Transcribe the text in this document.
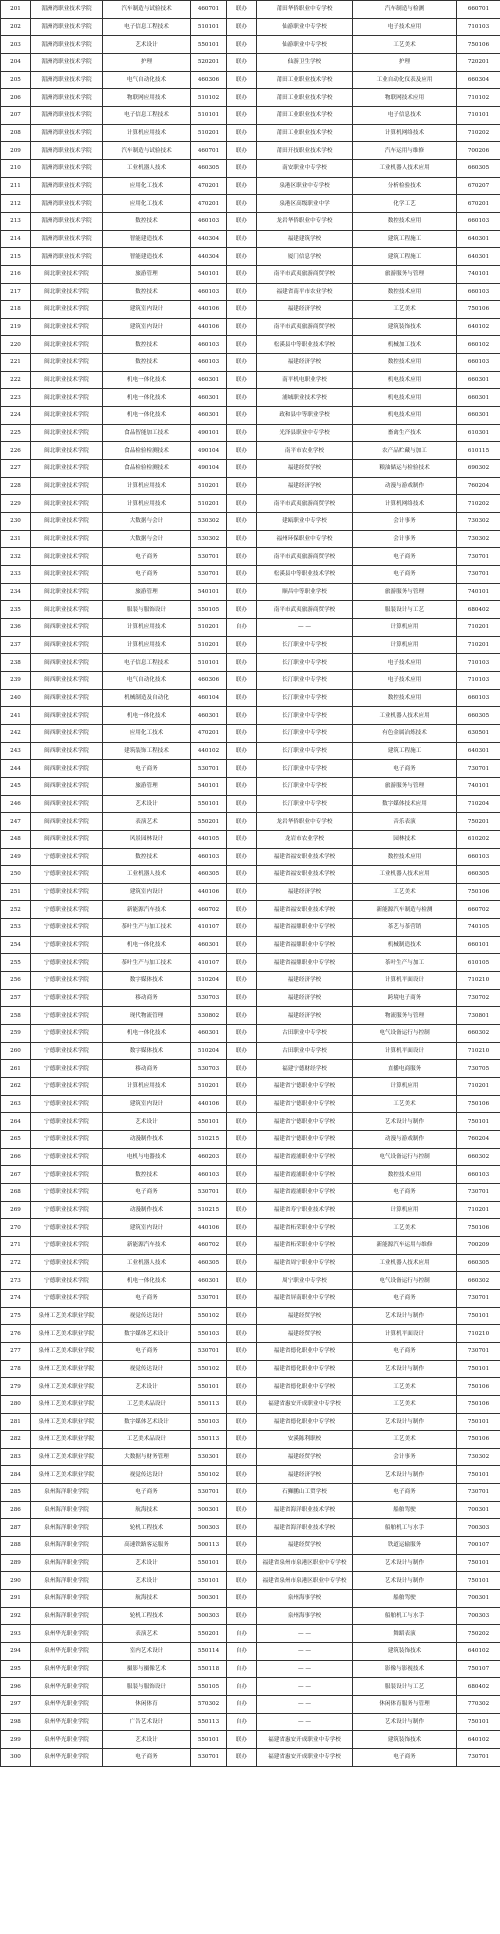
201	湄洲湾职业技术学院	汽车制造与试验技术	460701	联办	莆田华侨职业中专学校	汽车制造与检测	660701
202	湄洲湾职业技术学院	电子信息工程技术	510101	联办	仙游职业中专学校	电子技术应用	710103
203	湄洲湾职业技术学院	艺术设计	550101	联办	仙游职业中专学校	工艺美术	750106
204	湄洲湾职业技术学院	护理	520201	联办	仙游卫生学校	护理	720201
205	湄洲湾职业技术学院	电气自动化技术	460306	联办	莆田工业职业技术学校	工业自动化仪表及应用	660304
206	湄洲湾职业技术学院	物联网应用技术	510102	联办	莆田工业职业技术学校	物联网技术应用	710102
207	湄洲湾职业技术学院	电子信息工程技术	510101	联办	莆田工业职业技术学校	电子信息技术	710101
208	湄洲湾职业技术学院	计算机应用技术	510201	联办	莆田工业职业技术学校	计算机网络技术	710202
209	湄洲湾职业技术学院	汽车制造与试验技术	460701	联办	莆田开技职业技术学校	汽车运用与维修	700206
210	湄洲湾职业技术学院	工业机器人技术	460305	联办	南安职业中专学校	工业机器人技术应用	660305
211	湄洲湾职业技术学院	应用化工技术	470201	联办	泉港区职业中专学校	分析检验技术	670207
212	湄洲湾职业技术学院	应用化工技术	470201	联办	泉港区高级职业中学	化学工艺	670201
213	湄洲湾职业技术学院	数控技术	460103	联办	龙岩华侨职业中专学校	数控技术应用	660103
214	湄洲湾职业技术学院	智能建造技术	440304	联办	福建建筑学校	建筑工程施工	640301
215	湄洲湾职业技术学院	智能建造技术	440304	联办	厦门信息学校	建筑工程施工	640301
216	闽北职业技术学院	旅游管理	540101	联办	南平市武夷旅游商贸学校	旅游服务与管理	740101
217	闽北职业技术学院	数控技术	460103	联办	福建省南平市农业学校	数控技术应用	660103
218	闽北职业技术学院	建筑室内设计	440106	联办	福建经济学校	工艺美术	750106
219	闽北职业技术学院	建筑室内设计	440106	联办	南平市武夷旅游商贸学校	建筑装饰技术	640102
220	闽北职业技术学院	数控技术	460103	联办	松溪县中等职业技术学校	机械加工技术	660102
221	闽北职业技术学院	数控技术	460103	联办	福建经济学校	数控技术应用	660103
222	闽北职业技术学院	机电一体化技术	460301	联办	南平机电职业学校	机电技术应用	660301
223	闽北职业技术学院	机电一体化技术	460301	联办	浦城职业技术学校	机电技术应用	660301
224	闽北职业技术学院	机电一体化技术	460301	联办	政和县中等职业学校	机电技术应用	660301
225	闽北职业技术学院	食品智能加工技术	490101	联办	光泽县职业中专学校	畜禽生产技术	610301
226	闽北职业技术学院	食品检验检测技术	490104	联办	南平市农业学校	农产品贮藏与加工	610115
227	闽北职业技术学院	食品检验检测技术	490104	联办	福建经贸学校	粮油储运与检验技术	690302
228	闽北职业技术学院	计算机应用技术	510201	联办	福建经济学校	动漫与游戏制作	760204
229	闽北职业技术学院	计算机应用技术	510201	联办	南平市武夷旅游商贸学校	计算机网络技术	710202
230	闽北职业技术学院	大数据与会计	530302	联办	建瓯职业中专学校	会计事务	730302
231	闽北职业技术学院	大数据与会计	530302	联办	福州环保职业中专学校	会计事务	730302
232	闽北职业技术学院	电子商务	530701	联办	南平市武夷旅游商贸学校	电子商务	730701
233	闽北职业技术学院	电子商务	530701	联办	松溪县中等职业技术学校	电子商务	730701
234	闽北职业技术学院	旅游管理	540101	联办	顺昌中等职业学校	旅游服务与管理	740101
235	闽北职业技术学院	服装与服饰设计	550105	联办	南平市武夷旅游商贸学校	服装设计与工艺	680402
236	闽西职业技术学院	计算机应用技术	510201	自办	— —	计算机应用	710201
237	闽西职业技术学院	计算机应用技术	510201	联办	长汀职业中专学校	计算机应用	710201
238	闽西职业技术学院	电子信息工程技术	510101	联办	长汀职业中专学校	电子技术应用	710103
239	闽西职业技术学院	电气自动化技术	460306	联办	长汀职业中专学校	电子技术应用	710103
240	闽西职业技术学院	机械制造及自动化	460104	联办	长汀职业中专学校	数控技术应用	660103
241	闽西职业技术学院	机电一体化技术	460301	联办	长汀职业中专学校	工业机器人技术应用	660305
242	闽西职业技术学院	应用化工技术	470201	联办	长汀职业中专学校	有色金属冶炼技术	630501
243	闽西职业技术学院	建筑装饰工程技术	440102	联办	长汀职业中专学校	建筑工程施工	640301
244	闽西职业技术学院	电子商务	530701	联办	长汀职业中专学校	电子商务	730701
245	闽西职业技术学院	旅游管理	540101	联办	长汀职业中专学校	旅游服务与管理	740101
246	闽西职业技术学院	艺术设计	550101	联办	长汀职业中专学校	数字媒体技术应用	710204
247	闽西职业技术学院	表演艺术	550201	联办	龙岩华侨职业中专学校	音乐表演	750201
248	闽西职业技术学院	风景园林设计	440105	联办	龙岩市农业学校	园林技术	610202
249	宁德职业技术学院	数控技术	460103	联办	福建省福安职业技术学校	数控技术应用	660103
250	宁德职业技术学院	工业机器人技术	460305	联办	福建省福安职业技术学校	工业机器人技术应用	660305
251	宁德职业技术学院	建筑室内设计	440106	联办	福建经济学校	工艺美术	750106
252	宁德职业技术学院	新能源汽车技术	460702	联办	福建省福安职业技术学校	新能源汽车制造与检测	660702
253	宁德职业技术学院	茶叶生产与加工技术	410107	联办	福建省福鼎职业中专学校	茶艺与茶营销	740105
254	宁德职业技术学院	机电一体化技术	460301	联办	福建省福鼎职业中专学校	机械制造技术	660101
255	宁德职业技术学院	茶叶生产与加工技术	410107	联办	福建省福鼎职业中专学校	茶叶生产与加工	610105
256	宁德职业技术学院	数字媒体技术	510204	联办	福建经济学校	计算机平面设计	710210
257	宁德职业技术学院	移动商务	530703	联办	福建经济学校	跨境电子商务	730702
258	宁德职业技术学院	现代物流管理	530802	联办	福建经济学校	物流服务与管理	730801
259	宁德职业技术学院	机电一体化技术	460301	联办	古田职业中专学校	电气设备运行与控制	660302
260	宁德职业技术学院	数字媒体技术	510204	联办	古田职业中专学校	计算机平面设计	710210
261	宁德职业技术学院	移动商务	530703	联办	福建宁德财经学校	直播电商服务	730705
262	宁德职业技术学院	计算机应用技术	510201	联办	福建省宁德职业中专学校	计算机应用	710201
263	宁德职业技术学院	建筑室内设计	440106	联办	福建省宁德职业中专学校	工艺美术	750106
264	宁德职业技术学院	艺术设计	550101	联办	福建省宁德职业中专学校	艺术设计与制作	750101
265	宁德职业技术学院	动漫制作技术	510215	联办	福建省宁德职业中专学校	动漫与游戏制作	760204
266	宁德职业技术学院	电机与电器技术	460203	联办	福建省霞浦职业中专学校	电气设备运行与控制	660302
267	宁德职业技术学院	数控技术	460103	联办	福建省霞浦职业中专学校	数控技术应用	660103
268	宁德职业技术学院	电子商务	530701	联办	福建省霞浦职业中专学校	电子商务	730701
269	宁德职业技术学院	动漫制作技术	510215	联办	福建省寿宁职业技术学校	计算机应用	710201
270	宁德职业技术学院	建筑室内设计	440106	联办	福建省柘荣职业中专学校	工艺美术	750106
271	宁德职业技术学院	新能源汽车技术	460702	联办	福建省柘荣职业中专学校	新能源汽车运用与维修	700209
272	宁德职业技术学院	工业机器人技术	460305	联办	福建省周宁职业中专学校	工业机器人技术应用	660305
273	宁德职业技术学院	机电一体化技术	460301	联办	周宁职业中专学校	电气设备运行与控制	660302
274	宁德职业技术学院	电子商务	530701	联办	福建省屏南职业中专学校	电子商务	730701
275	泉州工艺美术职业学院	视觉传达设计	550102	联办	福建经贸学校	艺术设计与制作	750101
276	泉州工艺美术职业学院	数字媒体艺术设计	550103	联办	福建经贸学校	计算机平面设计	710210
277	泉州工艺美术职业学院	电子商务	530701	联办	福建省德化职业中专学校	电子商务	730701
278	泉州工艺美术职业学院	视觉传达设计	550102	联办	福建省德化职业中专学校	艺术设计与制作	750101
279	泉州工艺美术职业学院	艺术设计	550101	联办	福建省德化职业中专学校	工艺美术	750106
280	泉州工艺美术职业学院	工艺美术品设计	550113	联办	福建省惠安开成职业中专学校	工艺美术	750106
281	泉州工艺美术职业学院	数字媒体艺术设计	550103	联办	福建省德化职业中专学校	艺术设计与制作	750101
282	泉州工艺美术职业学院	工艺美术品设计	550113	联办	安溪陈利职校	工艺美术	750106
283	泉州工艺美术职业学院	大数据与财务管理	530301	联办	福建经贸学校	会计事务	730302
284	泉州工艺美术职业学院	视觉传达设计	550102	联办	福建经济学校	艺术设计与制作	750101
285	泉州海洋职业学院	电子商务	530701	联办	石狮鹏山工贸学校	电子商务	730701
286	泉州海洋职业学院	航海技术	500301	联办	福建省海洋职业技术学校	船舶驾驶	700301
287	泉州海洋职业学院	轮机工程技术	500303	联办	福建省海洋职业技术学校	船舶机工与水手	700303
288	泉州海洋职业学院	高速铁路客运服务	500113	联办	福建经贸学校	铁道运输服务	700107
289	泉州海洋职业学院	艺术设计	550101	联办	福建省泉州市泉港区职业中专学校	艺术设计与制作	750101
290	泉州海洋职业学院	艺术设计	550101	联办	福建省泉州市泉港区职业中专学校	艺术设计与制作	750101
291	泉州海洋职业学院	航海技术	500301	联办	泉州海事学校	船舶驾驶	700301
292	泉州海洋职业学院	轮机工程技术	500303	联办	泉州海事学校	船舶机工与水手	700303
293	泉州华光职业学院	表演艺术	550201	自办	— —	舞蹈表演	750202
294	泉州华光职业学院	室内艺术设计	550114	自办	— —	建筑装饰技术	640102
295	泉州华光职业学院	摄影与摄像艺术	550118	自办	— —	影像与影视技术	750107
296	泉州华光职业学院	服装与服饰设计	550105	自办	— —	服装设计与工艺	680402
297	泉州华光职业学院	休闲体育	570302	自办	— —	休闲体育服务与管理	770302
298	泉州华光职业学院	广告艺术设计	550113	自办	— —	艺术设计与制作	750101
299	泉州华光职业学院	艺术设计	550101	联办	福建省惠安开成职业中专学校	建筑装饰技术	640102
300	泉州华光职业学院	电子商务	530701	联办	福建省惠安开成职业中专学校	电子商务	730701
